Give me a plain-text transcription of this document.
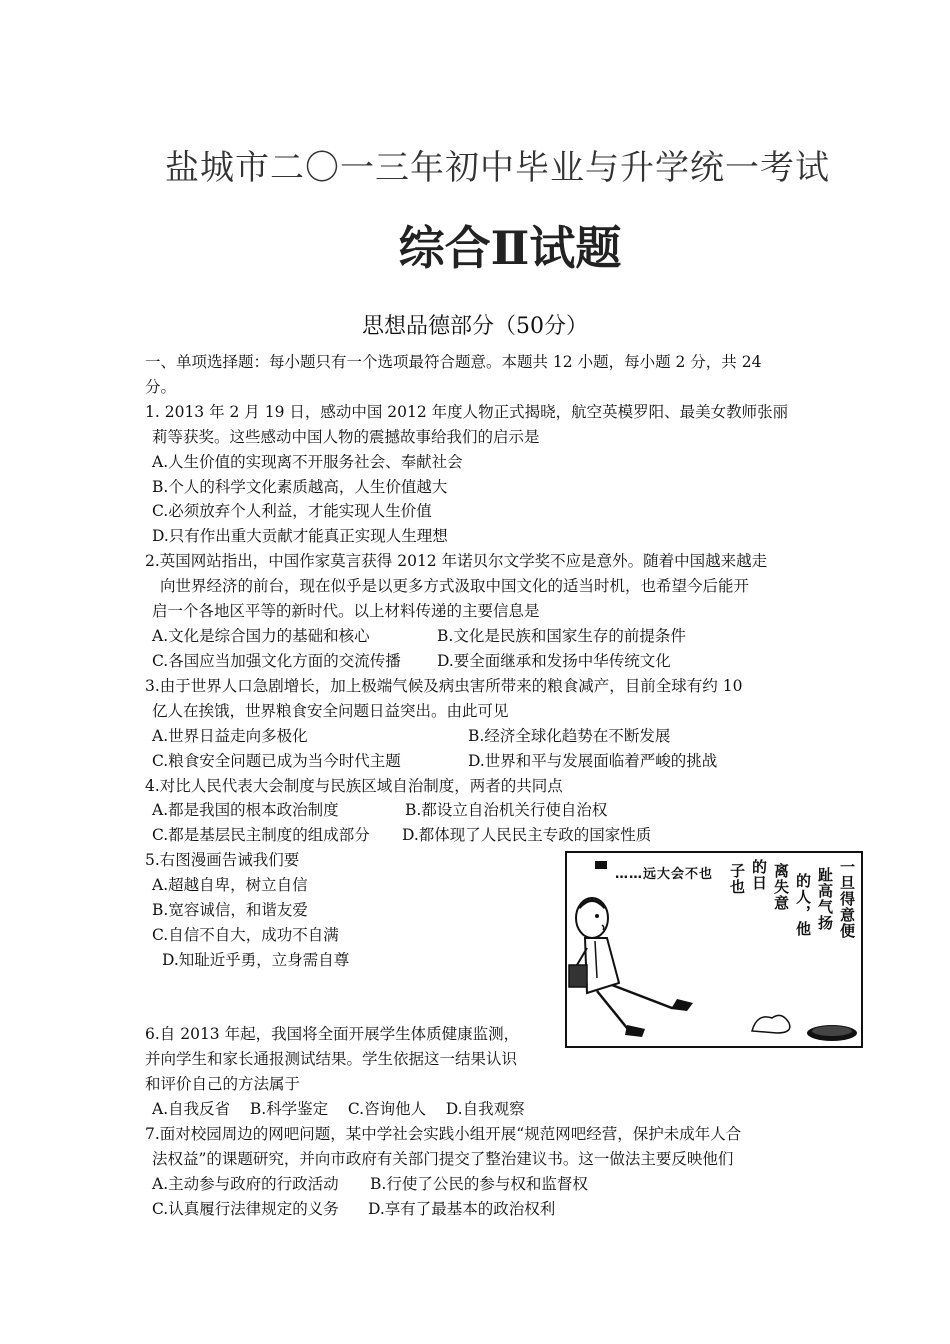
盐城市二〇一三年初中毕业与升学统一考试
综合Ⅱ试题
思想品德部分（50分）
一、单项选择题：每小题只有一个选项最符合题意。本题共 12 小题，每小题 2 分，共 24
分。
1. 2013 年 2 月 19 日，感动中国 2012 年度人物正式揭晓，航空英模罗阳、最美女教师张丽
莉等获奖。这些感动中国人物的震撼故事给我们的启示是
A.人生价值的实现离不开服务社会、奉献社会
B.个人的科学文化素质越高，人生价值越大
C.必须放弃个人利益，才能实现人生价值
D.只有作出重大贡献才能真正实现人生理想
2.英国网站指出，中国作家莫言获得 2012 年诺贝尔文学奖不应是意外。随着中国越来越走
向世界经济的前台，现在似乎是以更多方式汲取中国文化的适当时机，也希望今后能开
启一个各地区平等的新时代。以上材料传递的主要信息是
A.文化是综合国力的基础和核心	B.文化是民族和国家生存的前提条件
C.各国应当加强文化方面的交流传播 D.要全面继承和发扬中华传统文化
3.由于世界人口急剧增长，加上极端气候及病虫害所带来的粮食减产，目前全球有约 10
亿人在挨饿，世界粮食安全问题日益突出。由此可见
A.世界日益走向多极化	B.经济全球化趋势在不断发展
C.粮食安全问题已成为当今时代主题	D.世界和平与发展面临着严峻的挑战
4.对比人民代表大会制度与民族区域自治制度，两者的共同点
A.都是我国的根本政治制度	B.都设立自治机关行使自治权
C.都是基层民主制度的组成部分 D.都体现了人民民主专政的国家性质
5.右图漫画告诫我们要
A.超越自卑，树立自信
B.宽容诚信，和谐友爱
C.自信不自大，成功不自满
D.知耻近乎勇，立身需自尊
……远大会不也	一旦得意便
趾高气扬
的人，他
离失意
的日
子也
6.自 2013 年起，我国将全面开展学生体质健康监测，
并向学生和家长通报测试结果。学生依据这一结果认识
和评价自己的方法属于
A.自我反省    B.科学鉴定    C.咨询他人    D.自我观察
7.面对校园周边的网吧问题，某中学社会实践小组开展“规范网吧经营，保护未成年人合
法权益”的课题研究，并向市政府有关部门提交了整治建议书。这一做法主要反映他们
A.主动参与政府的行政活动 B.行使了公民的参与权和监督权
C.认真履行法律规定的义务 D.享有了最基本的政治权利
